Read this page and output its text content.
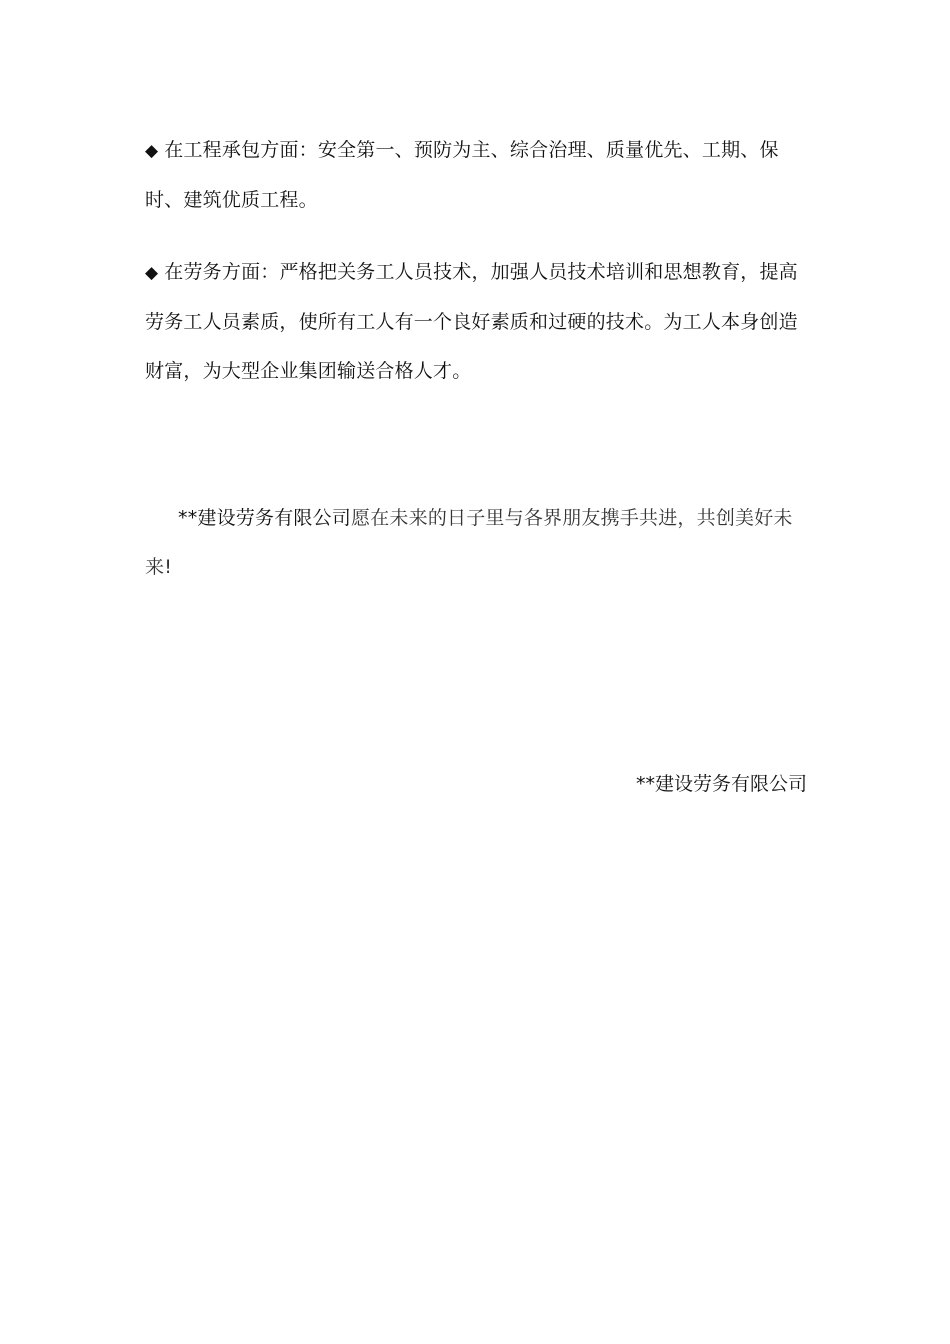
◆ 在工程承包方面：安全第一、预防为主、综合治理、质量优先、工期、保时、建筑优质工程。

◆ 在劳务方面：严格把关务工人员技术，加强人员技术培训和思想教育，提高劳务工人员素质，使所有工人有一个良好素质和过硬的技术。为工人本身创造财富，为大型企业集团输送合格人才。

**建设劳务有限公司愿在未来的日子里与各界朋友携手共进，共创美好未来!

**建设劳务有限公司
